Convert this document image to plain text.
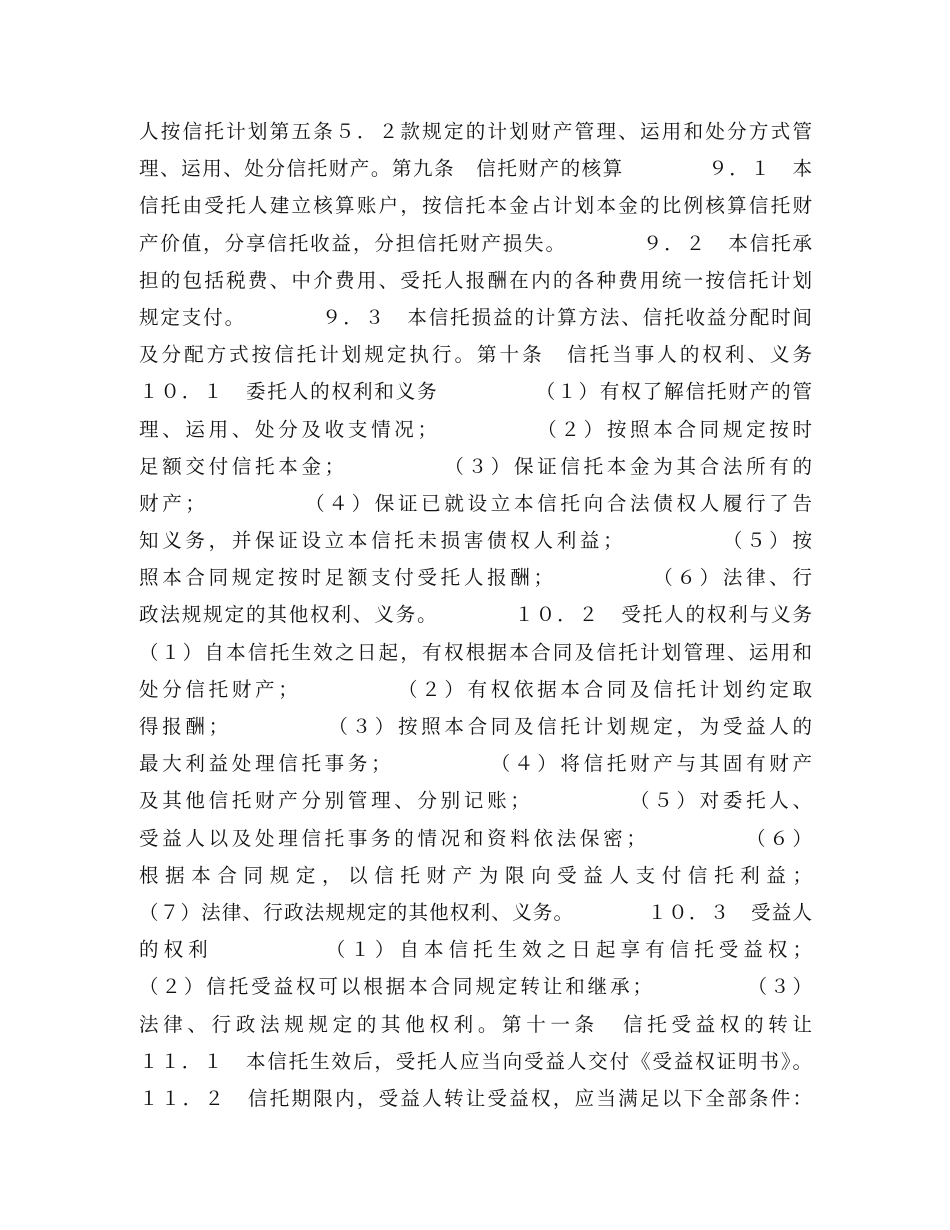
人按信托计划第五条５．２款规定的计划财产管理、运用和处分方式管
理、运用、处分信托财产。第九条　信托财产的核算　　　　９．１　本
信托由受托人建立核算账户，按信托本金占计划本金的比例核算信托财
产价值，分享信托收益，分担信托财产损失。　　　　９．２　本信托承
担的包括税费、中介费用、受托人报酬在内的各种费用统一按信托计划
规定支付。　　　　９．３　本信托损益的计算方法、信托收益分配时间
及分配方式按信托计划规定执行。第十条　信托当事人的权利、义务
１０．１　委托人的权利和义务　　　　　（１）有权了解信托财产的管
理、运用、处分及收支情况；　　　　　（２）按照本合同规定按时
足额交付信托本金；　　　　　（３）保证信托本金为其合法所有的
财产；　　　　　（４）保证已就设立本信托向合法债权人履行了告
知义务，并保证设立本信托未损害债权人利益；　　　　　（５）按
照本合同规定按时足额支付受托人报酬；　　　　　（６）法律、行
政法规规定的其他权利、义务。　　　　１０．２　受托人的权利与义务
（１）自本信托生效之日起，有权根据本合同及信托计划管理、运用和
处分信托财产；　　　　　（２）有权依据本合同及信托计划约定取
得报酬；　　　　　（３）按照本合同及信托计划规定，为受益人的
最大利益处理信托事务；　　　　　（４）将信托财产与其固有财产
及其他信托财产分别管理、分别记账；　　　　　（５）对委托人、
受益人以及处理信托事务的情况和资料依法保密；　　　　　（６）
根据本合同规定，以信托财产为限向受益人支付信托利益；
（７）法律、行政法规规定的其他权利、义务。　　　　１０．３　受益人
的权利　　　　　（１）自本信托生效之日起享有信托受益权；
（２）信托受益权可以根据本合同规定转让和继承；　　　　　（３）
法律、行政法规规定的其他权利。第十一条　信托受益权的转让
１１．１　本信托生效后，受托人应当向受益人交付《受益权证明书》。
１１．２　信托期限内，受益人转让受益权，应当满足以下全部条件：
